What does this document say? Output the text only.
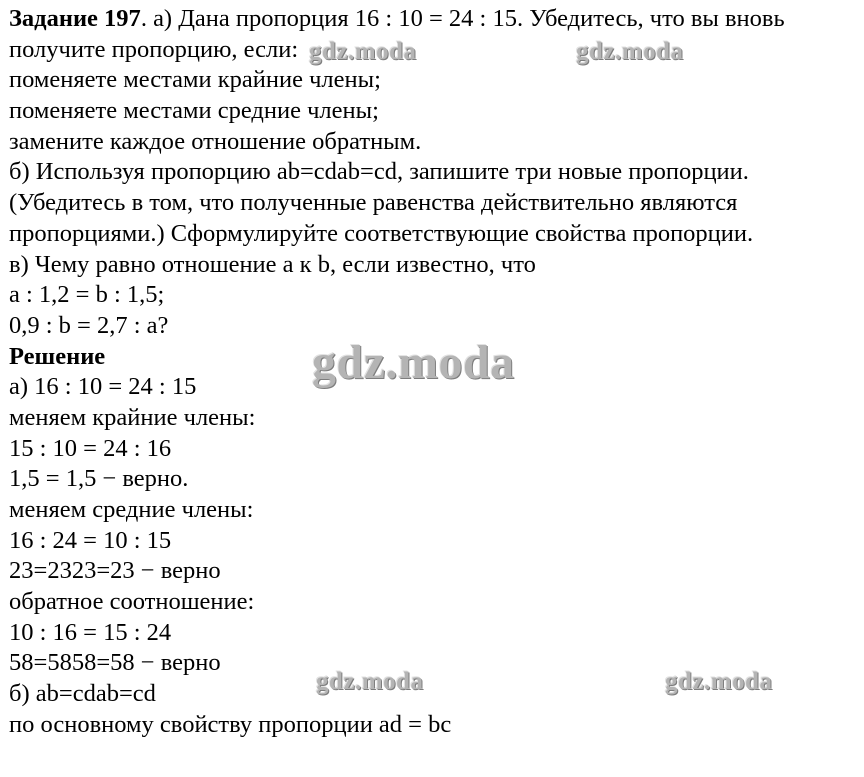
Задание 197. а) Дана пропорция 16 : 10 = 24 : 15. Убедитесь, что вы вновь
получите пропорцию, если:
поменяете местами крайние члены;
поменяете местами средние члены;
замените каждое отношение обратным.
б) Используя пропорцию ab=cdab=cd, запишите три новые пропорции.
(Убедитесь в том, что полученные равенства действительно являются
пропорциями.) Сформулируйте соответствующие свойства пропорции.
в) Чему равно отношение a к b, если известно, что
a : 1,2 = b : 1,5;
0,9 : b = 2,7 : a?
Решение
а) 16 : 10 = 24 : 15
меняем крайние члены:
15 : 10 = 24 : 16
1,5 = 1,5 − верно.
меняем средние члены:
16 : 24 = 10 : 15
23=2323=23 − верно
обратное соотношение:
10 : 16 = 15 : 24
58=5858=58 − верно
б) ab=cdab=cd
по основному свойству пропорции ad = bc
gdz.moda	gdz.moda
gdz.moda
gdz.moda	gdz.moda
